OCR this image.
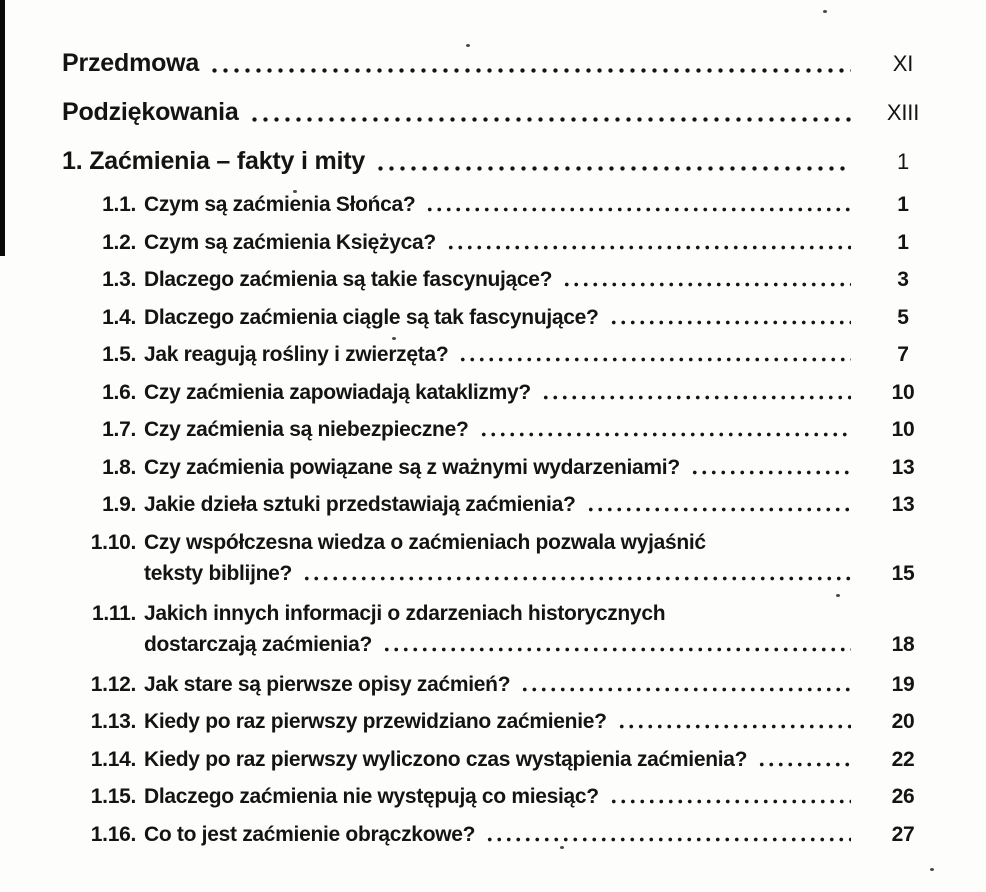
Przedmowa	XI
Podziękowania	XIII
1. Zaćmienia – fakty i mity	1
1.1. Czym są zaćmienia Słońca?	1
1.2. Czym są zaćmienia Księżyca?	1
1.3. Dlaczego zaćmienia są takie fascynujące?	3
1.4. Dlaczego zaćmienia ciągle są tak fascynujące?	5
1.5. Jak reagują rośliny i zwierzęta?	7
1.6. Czy zaćmienia zapowiadają kataklizmy?	10
1.7. Czy zaćmienia są niebezpieczne?	10
1.8. Czy zaćmienia powiązane są z ważnymi wydarzeniami?	13
1.9. Jakie dzieła sztuki przedstawiają zaćmienia?	13
1.10. Czy współczesna wiedza o zaćmieniach pozwala wyjaśnić
teksty biblijne?	15
1.11. Jakich innych informacji o zdarzeniach historycznych
dostarczają zaćmienia?	18
1.12. Jak stare są pierwsze opisy zaćmień?	19
1.13. Kiedy po raz pierwszy przewidziano zaćmienie?	20
1.14. Kiedy po raz pierwszy wyliczono czas wystąpienia zaćmienia?	22
1.15. Dlaczego zaćmienia nie występują co miesiąc?	26
1.16. Co to jest zaćmienie obrączkowe?	27
